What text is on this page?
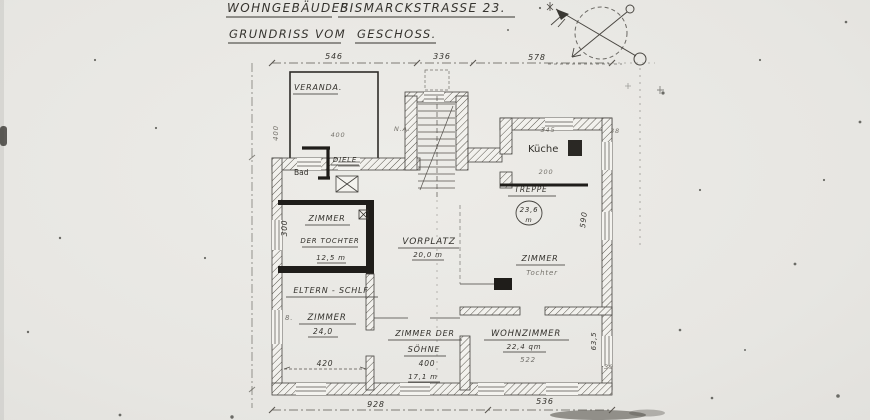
WOHNGEBÄUDES
BISMARCKSTRASSE 23.
GRUNDRISS VOM GESCHOSS.
546	336	578
928	536
VERANDA.
Bad
DIELE
Küche
ZIMMER
DER TOCHTER
12,5 m
VORPLATZ
20,0 m
TREPPE
23,6
m
ZIMMER
Tochter
ELTERN - SCHLF
8. ZIMMER
24,0
420
ZIMMER DER
SÖHNE
400
17,1 m
WOHNZIMMER
22,4 qm
522
400
300
400
N.A.
590
63,5
38
39
345
200
